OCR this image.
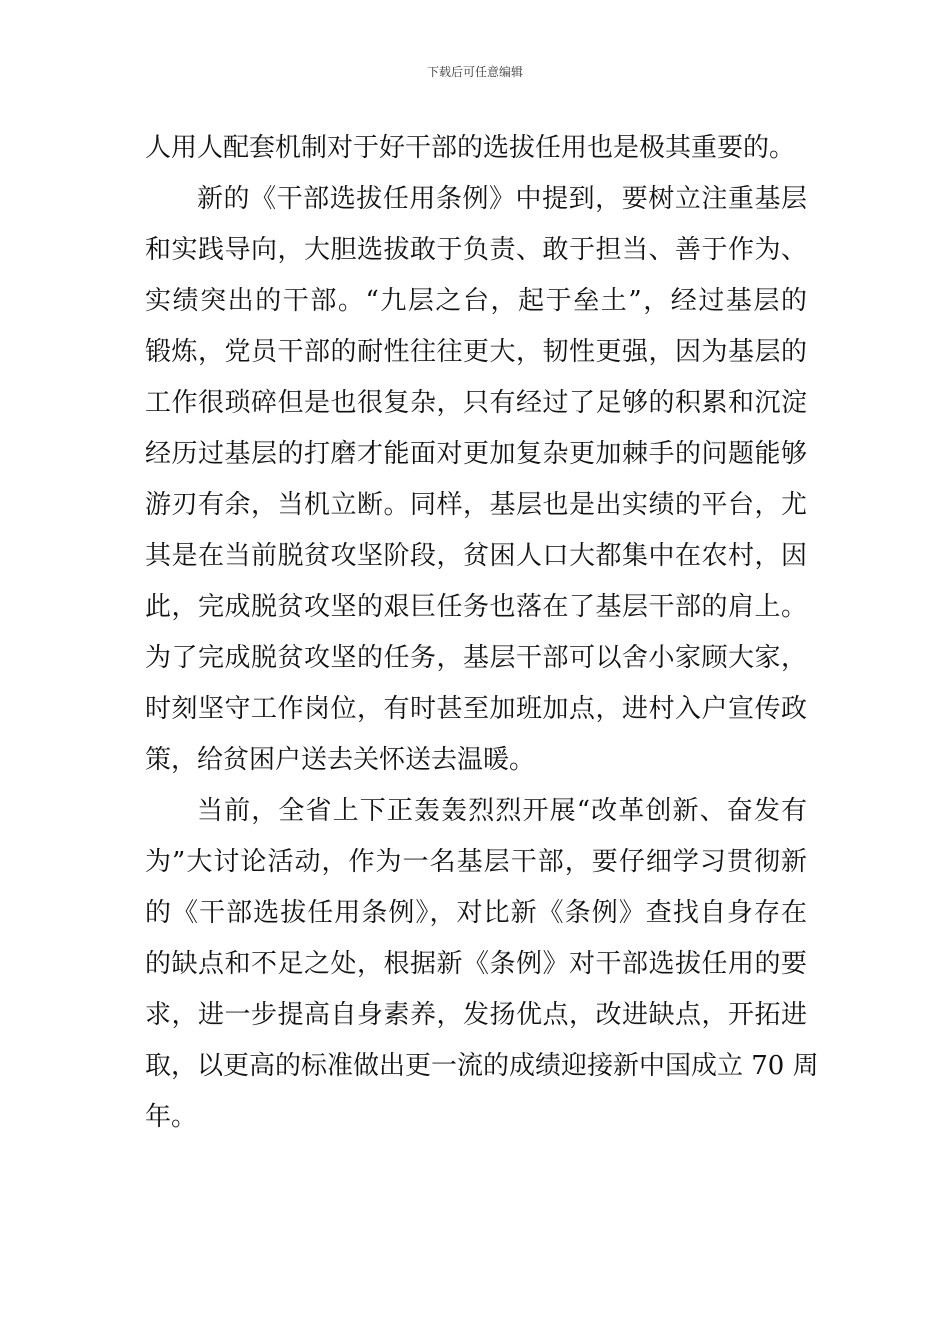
下载后可任意编辑
人用人配套机制对于好干部的选拔任用也是极其重要的。
新的《干部选拔任用条例》中提到，要树立注重基层
和实践导向，大胆选拔敢于负责、敢于担当、善于作为、
实绩突出的干部。“九层之台，起于垒土”，经过基层的
锻炼，党员干部的耐性往往更大，韧性更强，因为基层的
工作很琐碎但是也很复杂，只有经过了足够的积累和沉淀
经历过基层的打磨才能面对更加复杂更加棘手的问题能够
游刃有余，当机立断。同样，基层也是出实绩的平台，尤
其是在当前脱贫攻坚阶段，贫困人口大都集中在农村，因
此，完成脱贫攻坚的艰巨任务也落在了基层干部的肩上。
为了完成脱贫攻坚的任务，基层干部可以舍小家顾大家，
时刻坚守工作岗位，有时甚至加班加点，进村入户宣传政
策，给贫困户送去关怀送去温暖。
当前，全省上下正轰轰烈烈开展“改革创新、奋发有
为”大讨论活动，作为一名基层干部，要仔细学习贯彻新
的《干部选拔任用条例》，对比新《条例》查找自身存在
的缺点和不足之处，根据新《条例》对干部选拔任用的要
求，进一步提高自身素养，发扬优点，改进缺点，开拓进
取，以更高的标准做出更一流的成绩迎接新中国成立 70 周
年。
